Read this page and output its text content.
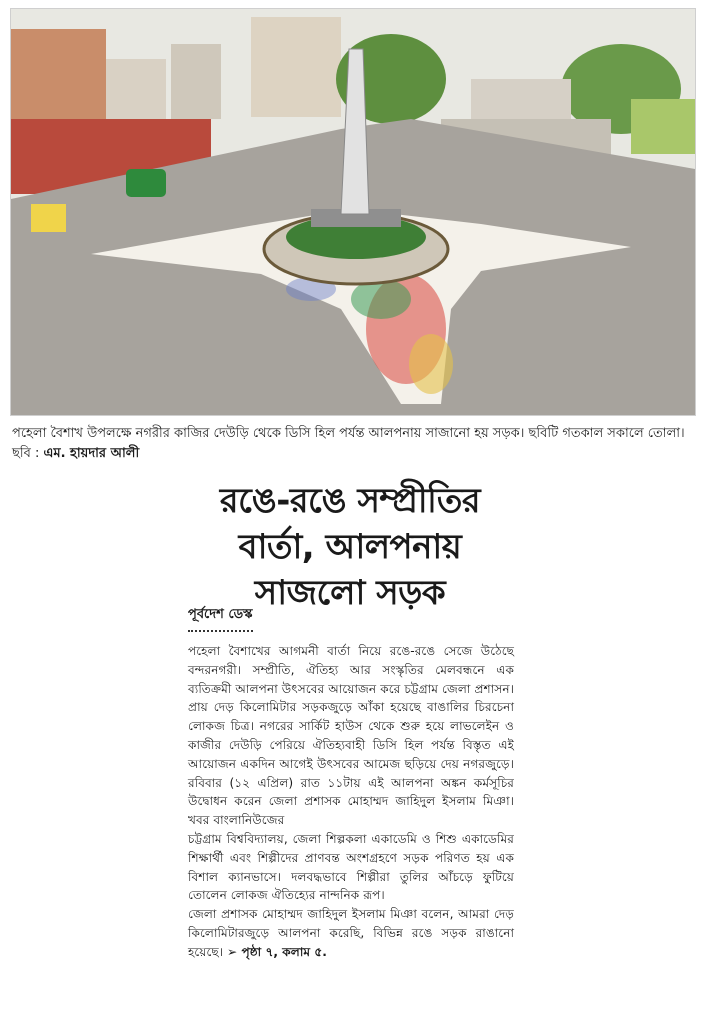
পহেলা বৈশাখ উপলক্ষে নগরীর কাজির দেউড়ি থেকে ডিসি হিল পর্যন্ত আলপনায় সাজানো হয় সড়ক। ছবিটি গতকাল সকালে তোলা। ছবি : এম. হায়দার আলী
রঙে-রঙে সম্প্রীতির
বার্তা, আলপনায়
সাজলো সড়ক
পূর্বদেশ ডেস্ক

পহেলা বৈশাখের আগমনী বার্তা নিয়ে রঙে-রঙে সেজে উঠেছে বন্দরনগরী। সম্প্রীতি, ঐতিহ্য আর সংস্কৃতির মেলবন্ধনে এক ব্যতিক্রমী আলপনা উৎসবের আয়োজন করে চট্টগ্রাম জেলা প্রশাসন। প্রায় দেড় কিলোমিটার সড়কজুড়ে আঁকা হয়েছে বাঙালির চিরচেনা লোকজ চিত্র। নগরের সার্কিট হাউস থেকে শুরু হয়ে লাভলেইন ও কাজীর দেউড়ি পেরিয়ে ঐতিহ্যবাহী ডিসি হিল পর্যন্ত বিস্তৃত এই আয়োজন একদিন আগেই উৎসবের আমেজ ছড়িয়ে দেয় নগরজুড়ে। রবিবার (১২ এপ্রিল) রাত ১১টায় এই আলপনা অঙ্কন কর্মসূচির উদ্বোধন করেন জেলা প্রশাসক মোহাম্মদ জাহিদুল ইসলাম মিঞা। খবর বাংলানিউজের

চট্টগ্রাম বিশ্ববিদ্যালয়, জেলা শিল্পকলা একাডেমি ও শিশু একাডেমির শিক্ষার্থী এবং শিল্পীদের প্রাণবন্ত অংশগ্রহণে সড়ক পরিণত হয় এক বিশাল ক্যানভাসে। দলবদ্ধভাবে শিল্পীরা তুলির আঁচড়ে ফুটিয়ে তোলেন লোকজ ঐতিহ্যের নান্দনিক রূপ।

জেলা প্রশাসক মোহাম্মদ জাহিদুল ইসলাম মিঞা বলেন, আমরা দেড় কিলোমিটারজুড়ে আলপনা করেছি, বিভিন্ন রঙে সড়ক রাঙানো হয়েছে। ➢ পৃষ্ঠা ৭, কলাম ৫.
